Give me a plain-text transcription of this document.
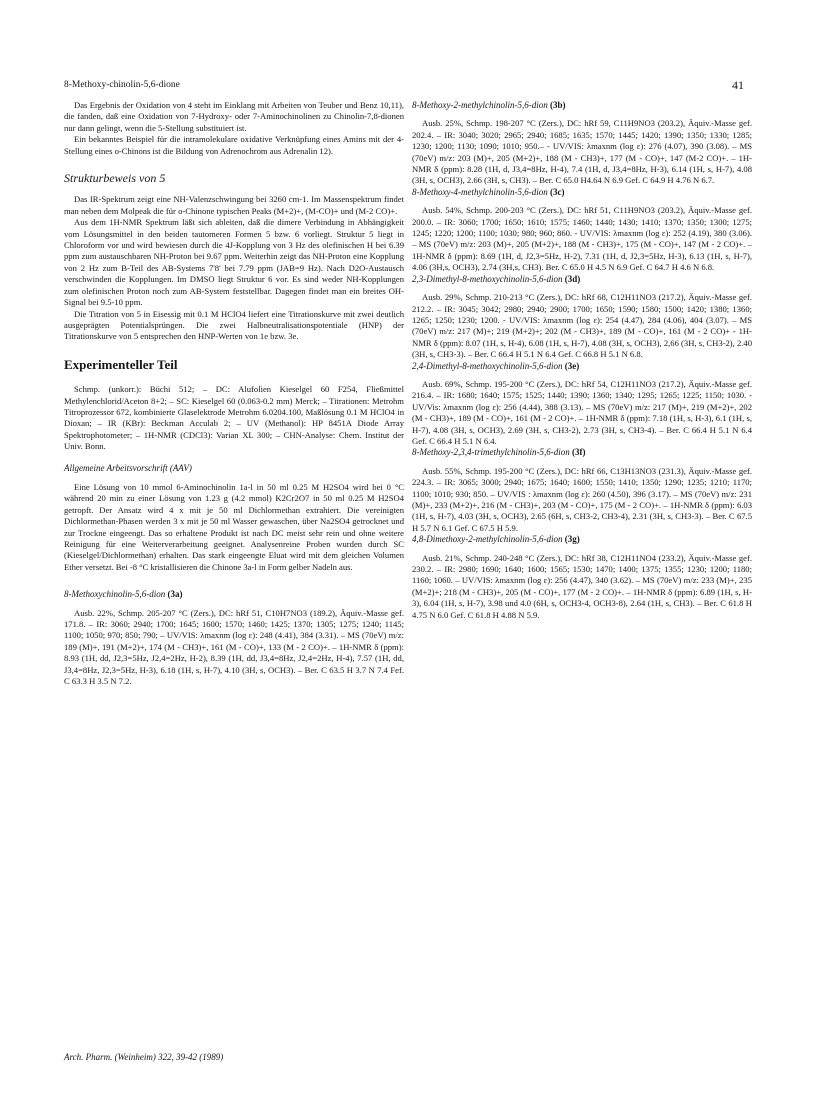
8-Methoxy-chinolin-5,6-dione	41

Das Ergebnis der Oxidation von 4 steht im Einklang mit Arbeiten von Teuber und Benz 10,11), die fanden, daß eine Oxidation von 7-Hydroxy- oder 7-Aminochinolinen zu Chinolin-7,8-dionen nur dann gelingt, wenn die 5-Stellung substituiert ist.

Ein bekanntes Beispiel für die intramolekulare oxidative Verknüpfung eines Amins mit der 4-Stellung eines o-Chinons ist die Bildung von Adrenochrom aus Adrenalin 12).

Strukturbeweis von 5

Das IR-Spektrum zeigt eine NH-Valenzschwingung bei 3260 cm-1. Im Massenspektrum findet man neben dem Molpeak die für o-Chinone typischen Peaks (M+2)+, (M-CO)+ und (M-2 CO)+.

Aus dem 1H-NMR Spektrum läßt sich ableiten, daß die dimere Verbindung in Abhängigkeit vom Lösungsmittel in den beiden tautomeren Formen 5 bzw. 6 vorliegt. Struktur 5 liegt in Chloroform vor und wird bewiesen durch die 4J-Kopplung von 3 Hz des olefinischen H bei 6.39 ppm zum austauschbaren NH-Proton bei 9.67 ppm. Weiterhin zeigt das NH-Proton eine Kopplung von 2 Hz zum B-Teil des AB-Systems 7'8' bei 7.79 ppm (JAB=9 Hz). Nach D2O-Austausch verschwinden die Kopplungen. Im DMSO liegt Struktur 6 vor. Es sind weder NH-Kopplungen zum olefinischen Proton noch zum AB-System feststellbar. Dagegen findet man ein breites OH-Signal bei 9.5-10 ppm.

Die Titration von 5 in Eisessig mit 0.1 M HClO4 liefert eine Titrationskurve mit zwei deutlich ausgeprägten Potentialsprüngen. Die zwei Halbneutralisationspotentiale (HNP) der Titrationskurve von 5 entsprechen den HNP-Werten von 1e bzw. 3e.

Experimenteller Teil

Schmp. (unkorr.): Büchi 512; – DC: Alufolien Kieselgel 60 F254, Fließmittel Methylenchlorid/Aceton 8+2; – SC: Kieselgel 60 (0.063-0.2 mm) Merck; – Titrationen: Metrohm Titroprozessor 672, kombinierte Glaselektrode Metrohm 6.0204.100, Maßlösung 0.1 M HClO4 in Dioxan; – IR (KBr): Beckman Acculab 2; – UV (Methanol): HP 8451A Diode Array Spektrophotometer; – 1H-NMR (CDCl3): Varian XL 300; – CHN-Analyse: Chem. Institut der Univ. Bonn.

Allgemeine Arbeitsvorschrift (AAV)

Eine Lösung von 10 mmol 6-Aminochinolin 1a-l in 50 ml 0.25 M H2SO4 wird bei 0 °C während 20 min zu einer Lösung von 1.23 g (4.2 mmol) K2Cr2O7 in 50 ml 0.25 M H2SO4 getropft. Der Ansatz wird 4 x mit je 50 ml Dichlormethan extrahiert. Die vereinigten Dichlormethan-Phasen werden 3 x mit je 50 ml Wasser gewaschen, über Na2SO4 getrocknet und zur Trockne eingeengt. Das so erhaltene Produkt ist nach DC meist sehr rein und ohne weitere Reinigung für eine Weiterverarbeitung geeignet. Analysenreine Proben wurden durch SC (Kieselgel/Dichlormethan) erhalten. Das stark eingeengte Eluat wird mit dem gleichen Volumen Ether versetzt. Bei -8 °C kristallisieren die Chinone 3a-l in Form gelber Nadeln aus.

8-Methoxychinolin-5,6-dion (3a)

Ausb. 22%, Schmp. 205-207 °C (Zers.), DC: hRf 51, C10H7NO3 (189.2), Äquiv.-Masse gef. 171.8. – IR: 3060; 2940; 1700; 1645; 1600; 1570; 1460; 1425; 1370; 1305; 1275; 1240; 1145; 1100; 1050; 970; 850; 790; – UV/VIS: λmaxnm (log ε): 248 (4.41), 384 (3.31). – MS (70eV) m/z: 189 (M)+, 191 (M+2)+, 174 (M - CH3)+, 161 (M - CO)+, 133 (M - 2 CO)+. – 1H-NMR δ (ppm): 8.93 (1H, dd, J2,3=5Hz, J2,4=2Hz, H-2), 8.39 (1H, dd, J3,4=8Hz, J2,4=2Hz, H-4), 7.57 (1H, dd, J3,4=8Hz, J2,3=5Hz, H-3), 6.18 (1H, s, H-7), 4.10 (3H, s, OCH3). – Ber. C 63.5 H 3.7 N 7.4 Fef. C 63.3 H 3.5 N 7.2.

8-Methoxy-2-methylchinolin-5,6-dion (3b)

Ausb. 25%, Schmp. 198-207 °C (Zers.), DC: hRf 59, C11H9NO3 (203.2), Äquiv.-Masse gef. 202.4. – IR: 3040; 3020; 2965; 2940; 1685; 1635; 1570; 1445; 1420; 1390; 1350; 1330; 1285; 1230; 1200; 1130; 1090; 1010; 950.– - UV/VIS: λmaxnm (log ε): 276 (4.07), 390 (3.08). – MS (70eV) m/z: 203 (M)+, 205 (M+2)+, 188 (M - CH3)+, 177 (M - CO)+, 147 (M-2 CO)+. – 1H-NMR δ (ppm): 8.28 (1H, d, J3,4=8Hz, H-4), 7.4 (1H, d, J3,4=8Hz, H-3), 6.14 (1H, s, H-7), 4.08 (3H, s, OCH3), 2.66 (3H, s, CH3). – Ber. C 65.0 H4.64 N 6.9 Gef. C 64.9 H 4.76 N 6.7.

8-Methoxy-4-methylchinolin-5,6-dion (3c)

Ausb. 54%, Schmp. 200-203 °C (Zers.), DC: hRf 51, C11H9NO3 (203.2), Äquiv.-Masse gef. 200.0. – IR: 3060; 1700; 1650; 1610; 1575; 1460; 1440; 1430; 1410; 1370; 1350; 1300; 1275; 1245; 1220; 1200; 1100; 1030; 980; 960; 860. - UV/VIS: λmaxnm (log ε): 252 (4.19), 380 (3.06). – MS (70eV) m/z: 203 (M)+, 205 (M+2)+, 188 (M - CH3)+, 175 (M - CO)+, 147 (M - 2 CO)+. – 1H-NMR δ (ppm): 8.69 (1H, d, J2,3=5Hz, H-2), 7.31 (1H, d, J2,3=5Hz, H-3), 6.13 (1H, s, H-7), 4.06 (3H,s, OCH3), 2.74 (3H,s, CH3). Ber. C 65.0 H 4.5 N 6.9 Gef. C 64.7 H 4.6 N 6.8.

2,3-Dimethyl-8-methoxychinolin-5,6-dion (3d)

Ausb. 29%, Schmp. 210-213 °C (Zers.), DC: hRf 68, C12H11NO3 (217.2), Äquiv.-Masse gef. 212.2. – IR: 3045; 3042; 2980; 2940; 2900; 1700; 1650; 1590; 1580; 1500; 1420; 1380; 1360; 1265; 1250; 1230; 1200. - UV/VIS: λmaxnm (log ε): 254 (4.47), 284 (4.06), 404 (3.07). – MS (70eV) m/z: 217 (M)+; 219 (M+2)+; 202 (M - CH3)+, 189 (M - CO)+, 161 (M - 2 CO)+ - 1H-NMR δ (ppm): 8.07 (1H, s, H-4), 6.08 (1H, s, H-7), 4.08 (3H, s, OCH3), 2,66 (3H, s, CH3-2), 2.40 (3H, s, CH3-3). – Ber. C 66.4 H 5.1 N 6.4 Gef. C 66.8 H 5.1 N 6.8.

2,4-Dimethyl-8-methoxychinolin-5,6-dion (3e)

Ausb. 69%, Schmp. 195-200 °C (Zers.), DC: hRf 54, C12H11NO3 (217.2), Äquiv.-Masse gef. 216.4. – IR: 1680; 1640; 1575; 1525; 1440; 1390; 1360; 1340; 1295; 1265; 1225; 1150; 1030. - UV/Vis: λmaxnm (log ε): 256 (4.44), 388 (3.13). – MS (70eV) m/z: 217 (M)+, 219 (M+2)+, 202 (M - CH3)+, 189 (M - CO)+, 161 (M - 2 CO)+. – 1H-NMR δ (ppm): 7.18 (1H, s, H-3), 6.1 (1H, s, H-7), 4.08 (3H, s, OCH3), 2.69 (3H, s, CH3-2), 2.73 (3H, s, CH3-4). – Ber. C 66.4 H 5.1 N 6.4 Gef. C 66.4 H 5.1 N 6.4.

8-Methoxy-2,3,4-trimethylchinolin-5,6-dion (3f)

Ausb. 55%, Schmp. 195-200 °C (Zers.), DC: hRf 66, C13H13NO3 (231.3), Äquiv.-Masse gef. 224.3. – IR: 3065; 3000; 2940; 1675; 1640; 1600; 1550; 1410; 1350; 1290; 1235; 1210; 1170; 1100; 1010; 930; 850. – UV/VIS : λmaxnm (log ε): 260 (4.50), 396 (3.17). – MS (70eV) m/z: 231 (M)+, 233 (M+2)+, 216 (M - CH3)+, 203 (M - CO)+, 175 (M - 2 CO)+. – 1H-NMR δ (ppm): 6.03 (1H, s, H-7), 4.03 (3H, s, OCH3), 2.65 (6H, s, CH3-2, CH3-4), 2.31 (3H, s, CH3-3). – Ber. C 67.5 H 5.7 N 6.1 Gef. C 67.5 H 5.9.

4,8-Dimethoxy-2-methylchinolin-5,6-dion (3g)

Ausb. 21%, Schmp. 240-248 °C (Zers.), DC: hRf 38, C12H11NO4 (233.2), Äquiv.-Masse gef. 230.2. – IR: 2980; 1690; 1640; 1600; 1565; 1530; 1470; 1400; 1375; 1355; 1230; 1200; 1180; 1160; 1060. – UV/VIS: λmaxnm (log ε): 256 (4.47), 340 (3.62). – MS (70eV) m/z: 233 (M)+, 235 (M+2)+; 218 (M - CH3)+, 205 (M - CO)+, 177 (M - 2 CO)+. – 1H-NMR δ (ppm): 6.89 (1H, s, H-3), 6.04 (1H, s, H-7), 3.98 und 4.0 (6H, s, OCH3-4, OCH3-8), 2.64 (1H, s, CH3). – Ber. C 61.8 H 4.75 N 6.0 Gef. C 61.8 H 4.88 N 5.9.

Arch. Pharm. (Weinheim) 322, 39-42 (1989)
